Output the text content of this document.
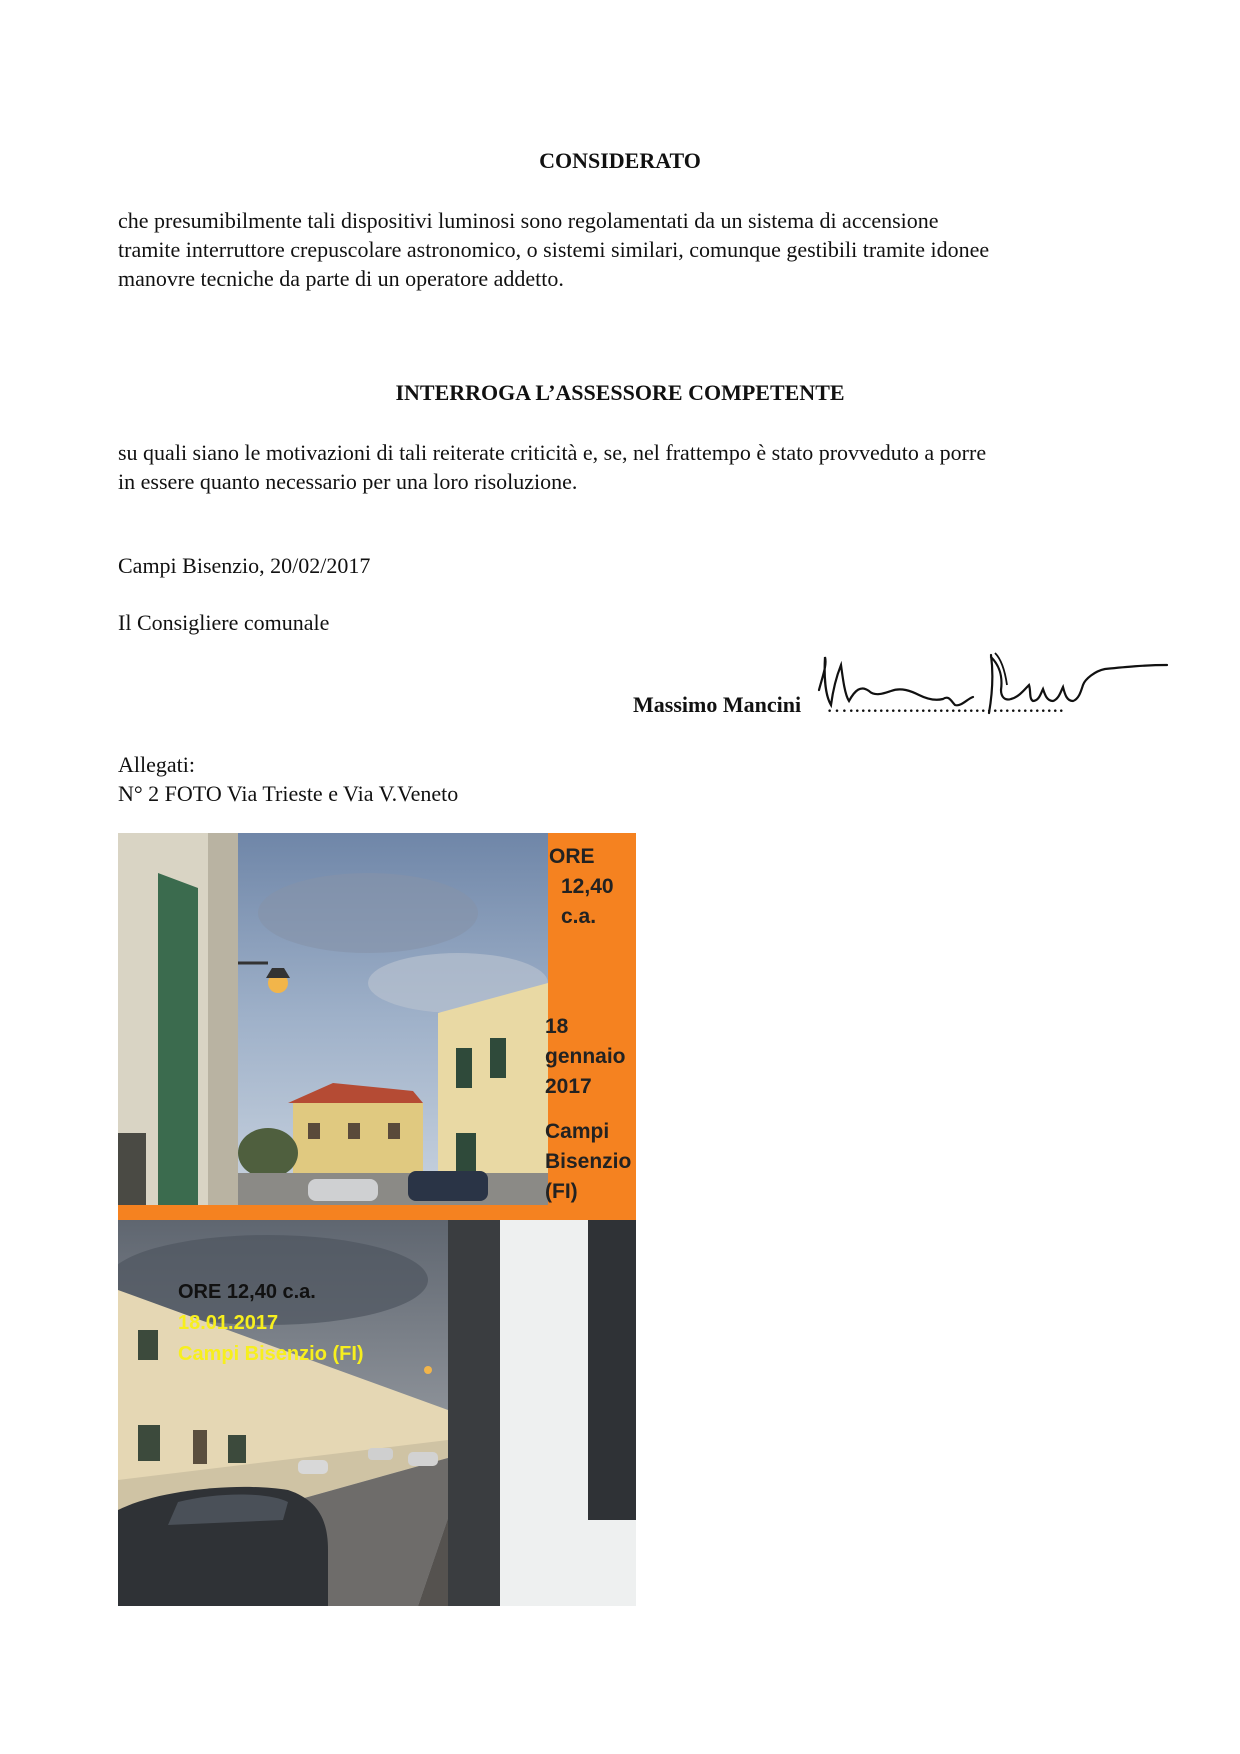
CONSIDERATO
che presumibilmente tali dispositivi luminosi sono regolamentati da un sistema di accensione
tramite interruttore crepuscolare astronomico, o sistemi similari, comunque gestibili tramite idonee
manovre tecniche da parte di un operatore addetto.
INTERROGA L’ASSESSORE COMPETENTE
su quali siano le motivazioni di tali reiterate criticità e, se, nel frattempo è stato provveduto a porre
in essere quanto necessario per una loro risoluzione.
Campi Bisenzio, 20/02/2017
Il Consigliere comunale
Massimo Mancini …....................................
Allegati:
N° 2 FOTO Via Trieste e Via V.Veneto
ORE
12,40
c.a.
18
gennaio
2017
Campi
Bisenzio
(FI)
ORE 12,40 c.a.
18.01.2017
Campi Bisenzio (FI)
